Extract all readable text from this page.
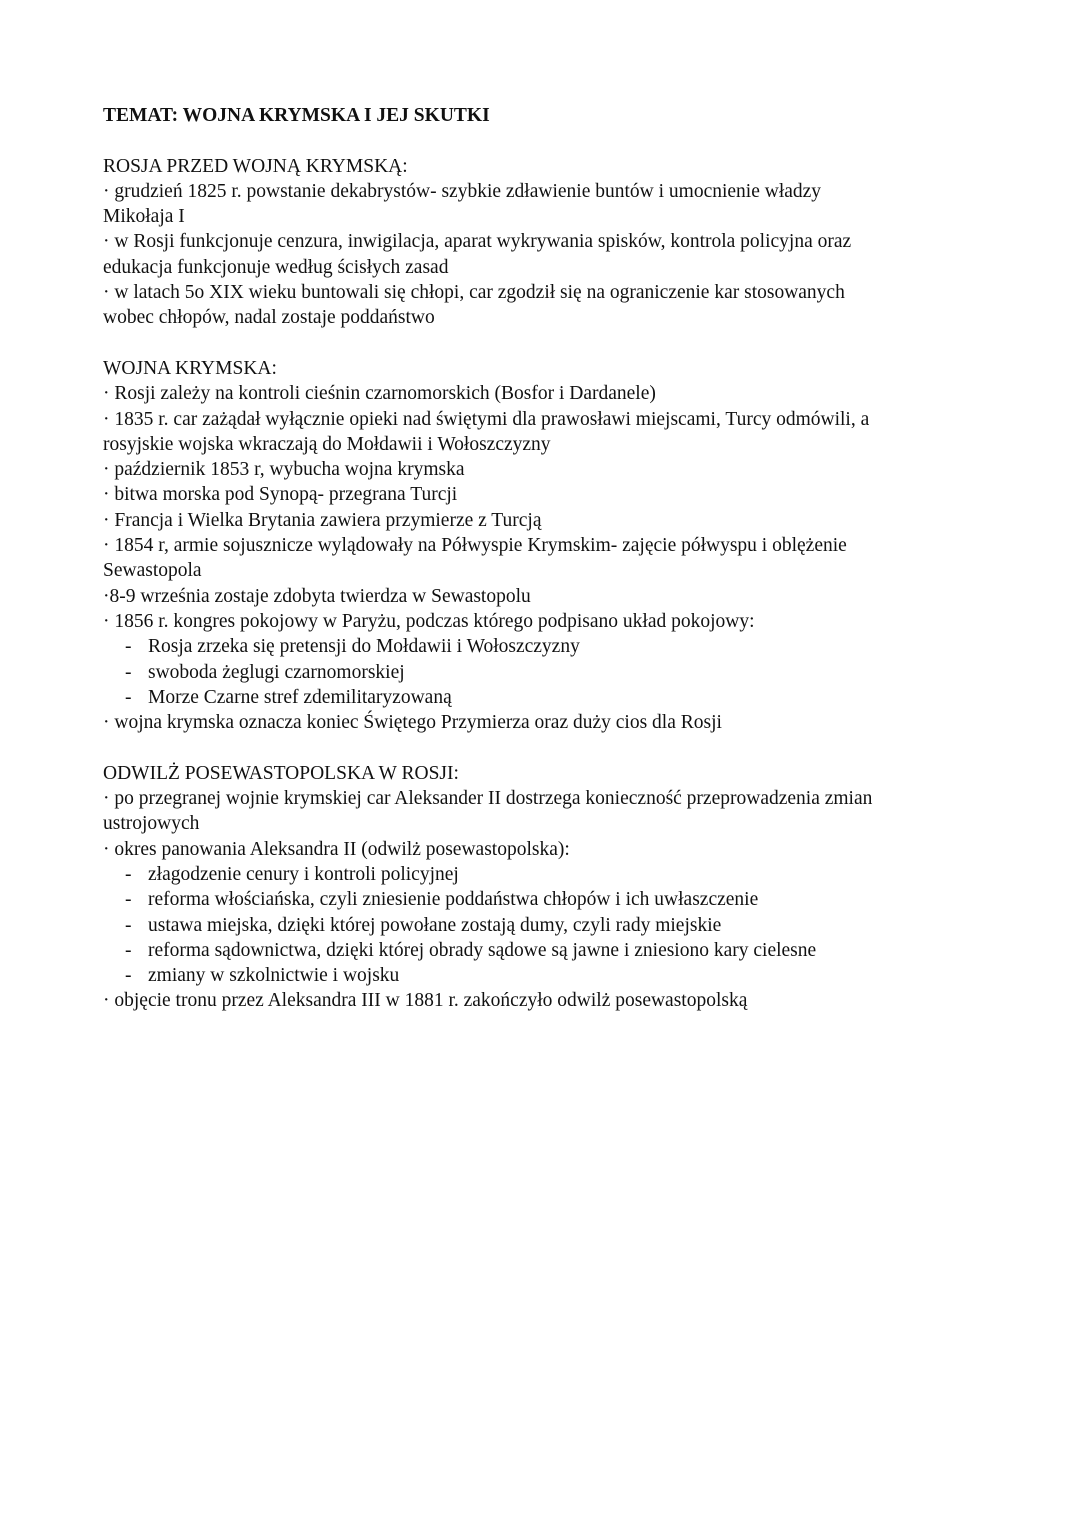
TEMAT: WOJNA KRYMSKA I JEJ SKUTKI
ROSJA PRZED WOJNĄ KRYMSKĄ:
· grudzień 1825 r. powstanie dekabrystów- szybkie zdławienie buntów i umocnienie władzy
Mikołaja I
· w Rosji funkcjonuje cenzura, inwigilacja, aparat wykrywania spisków, kontrola policyjna oraz
edukacja funkcjonuje według ścisłych zasad
· w latach 5o XIX wieku buntowali się chłopi, car zgodził się na ograniczenie kar stosowanych
wobec chłopów, nadal zostaje poddaństwo
WOJNA KRYMSKA:
· Rosji zależy na kontroli cieśnin czarnomorskich (Bosfor i Dardanele)
· 1835 r. car zażądał wyłącznie opieki nad świętymi dla prawosławi miejscami, Turcy odmówili, a
rosyjskie wojska wkraczają do Mołdawii i Wołoszczyzny
· październik 1853 r, wybucha wojna krymska
· bitwa morska pod Synopą- przegrana Turcji
· Francja i Wielka Brytania zawiera przymierze z Turcją
· 1854 r, armie sojusznicze wylądowały na Półwyspie Krymskim- zajęcie półwyspu i oblężenie
Sewastopola
·8-9 września zostaje zdobyta twierdza w Sewastopolu
· 1856 r. kongres pokojowy w Paryżu, podczas którego podpisano układ pokojowy:
- Rosja zrzeka się pretensji do Mołdawii i Wołoszczyzny
- swoboda żeglugi czarnomorskiej
- Morze Czarne stref zdemilitaryzowaną
· wojna krymska oznacza koniec Świętego Przymierza oraz duży cios dla Rosji
ODWILŻ POSEWASTOPOLSKA W ROSJI:
· po przegranej wojnie krymskiej car Aleksander II dostrzega konieczność przeprowadzenia zmian
ustrojowych
· okres panowania Aleksandra II (odwilż posewastopolska):
- złagodzenie cenury i kontroli policyjnej
- reforma włościańska, czyli zniesienie poddaństwa chłopów i ich uwłaszczenie
- ustawa miejska, dzięki której powołane zostają dumy, czyli rady miejskie
- reforma sądownictwa, dzięki której obrady sądowe są jawne i zniesiono kary cielesne
- zmiany w szkolnictwie i wojsku
· objęcie tronu przez Aleksandra III w 1881 r. zakończyło odwilż posewastopolską
